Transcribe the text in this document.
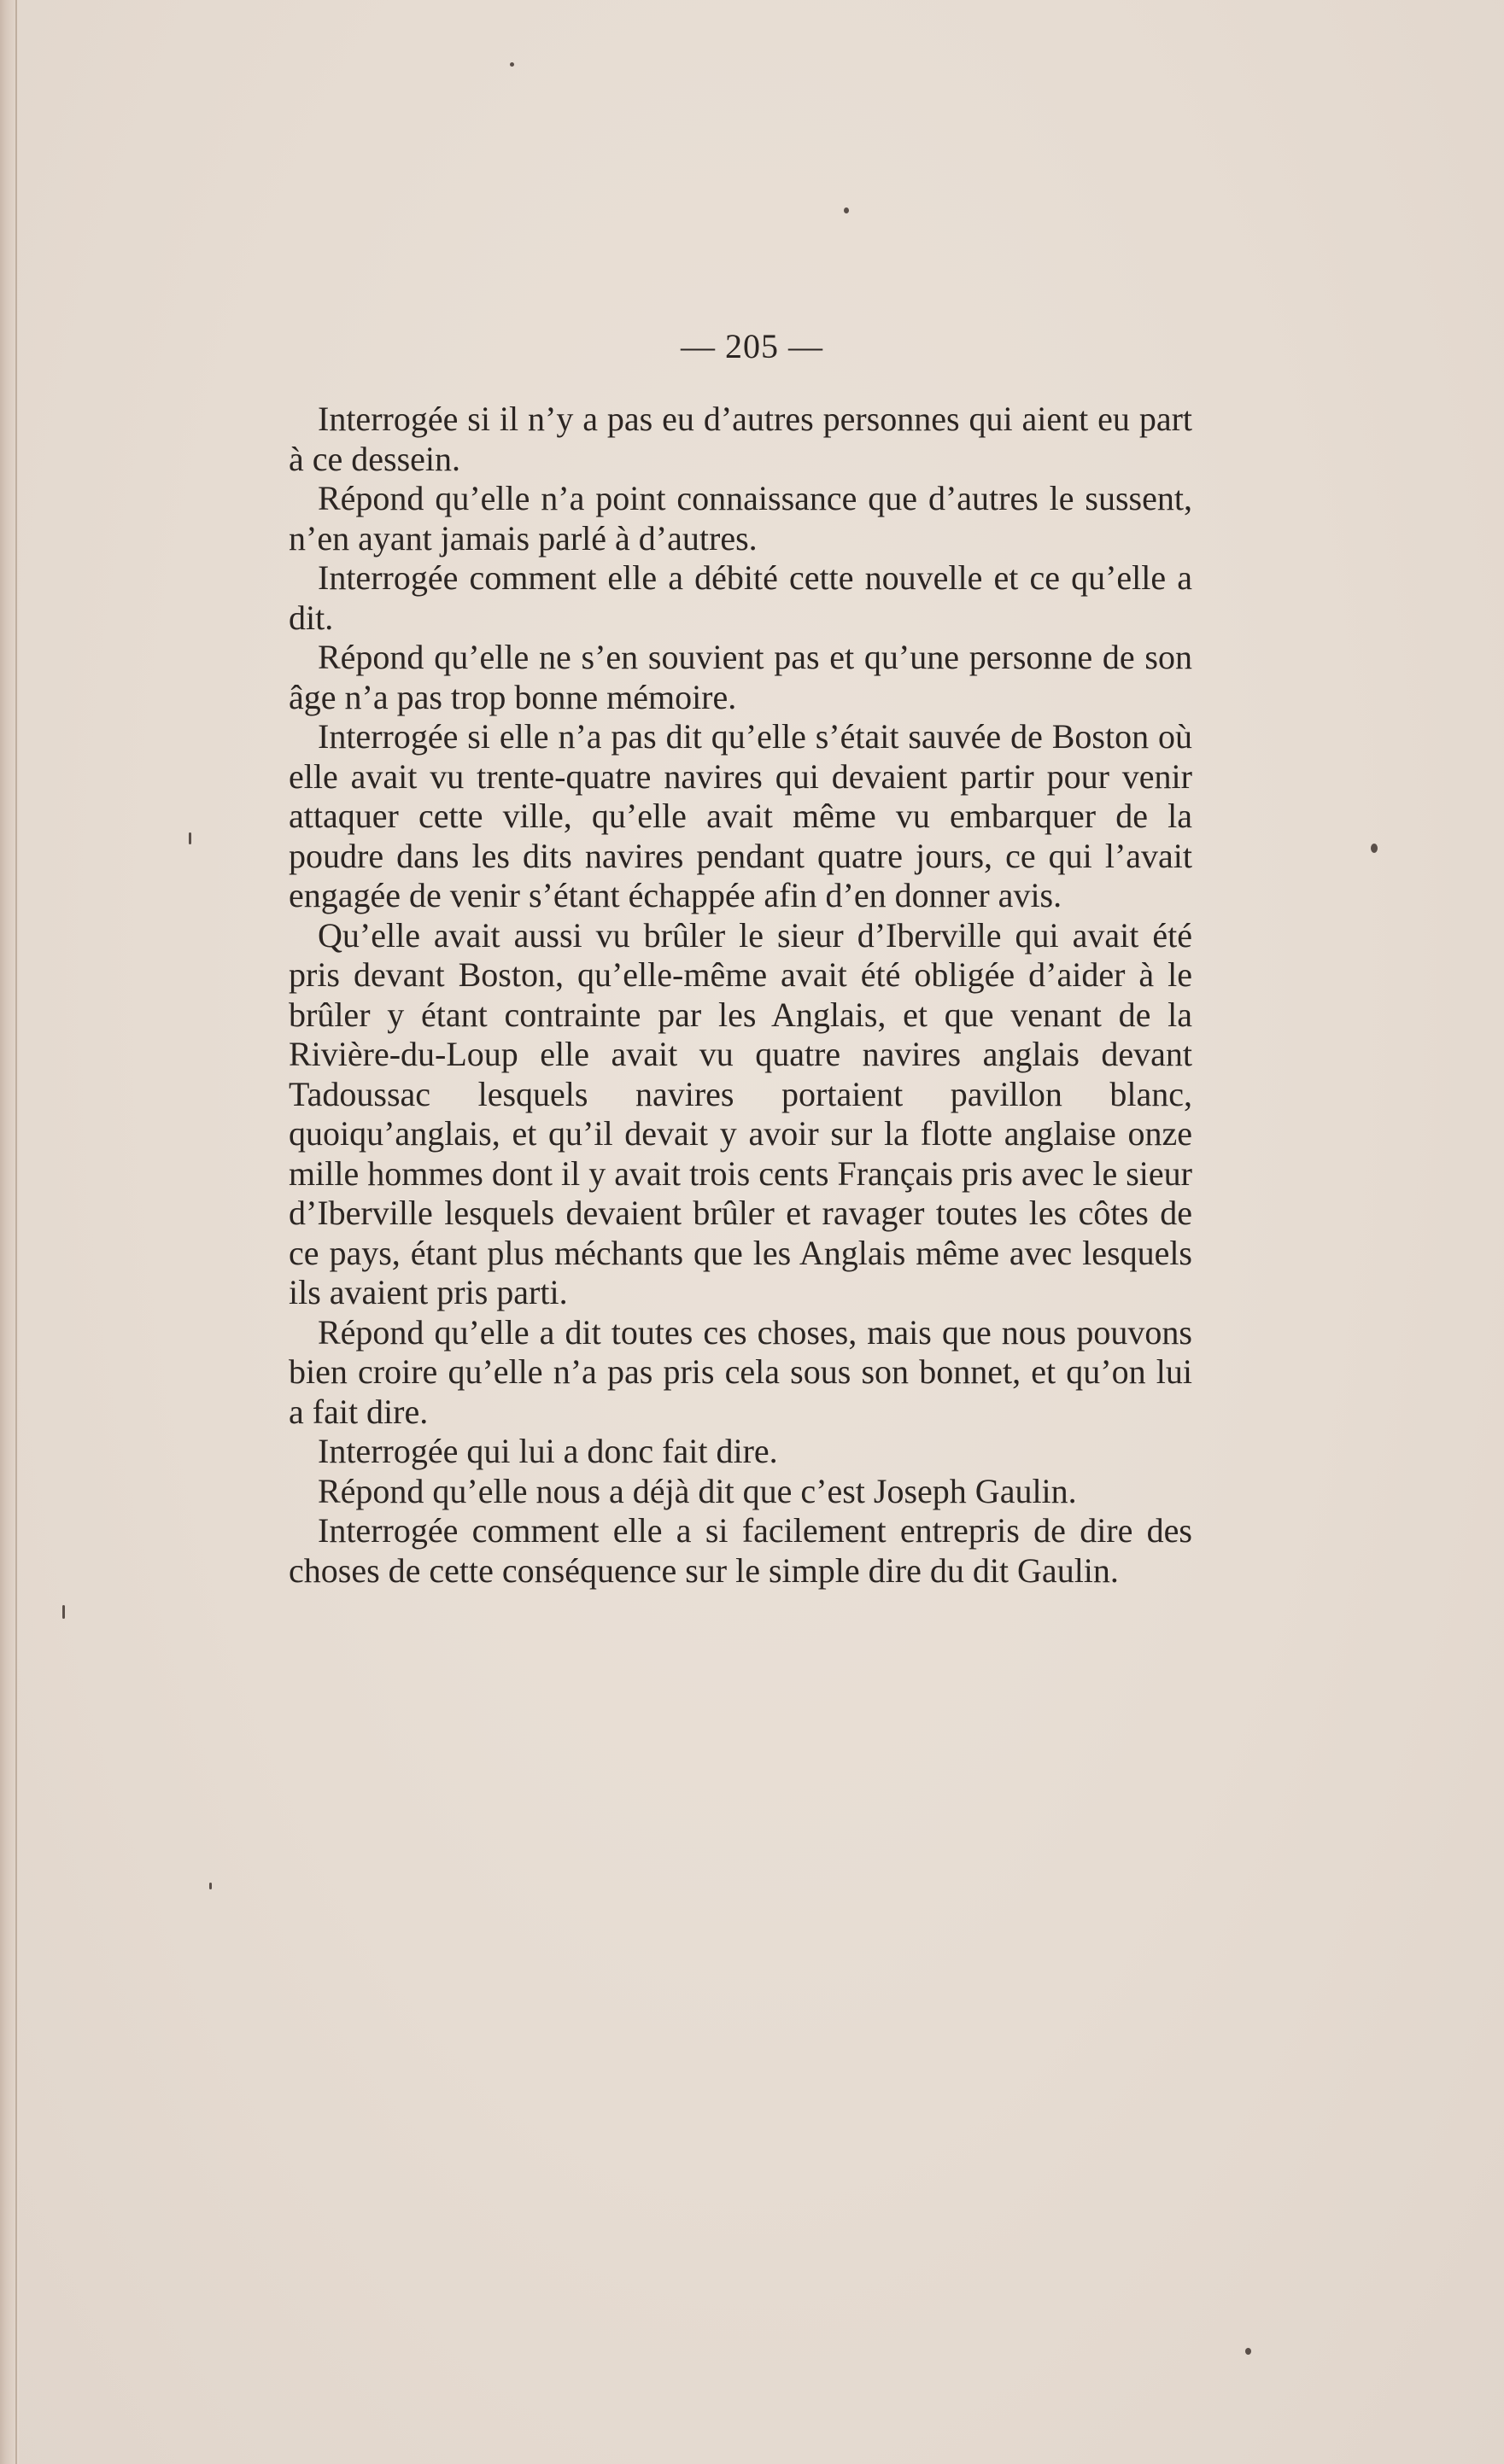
— 205 —

Interrogée si il n’y a pas eu d’autres personnes qui aient eu part à ce dessein.

Répond qu’elle n’a point connaissance que d’autres le sussent, n’en ayant jamais parlé à d’autres.

Interrogée comment elle a débité cette nouvelle et ce qu’elle a dit.

Répond qu’elle ne s’en souvient pas et qu’une personne de son âge n’a pas trop bonne mémoire.

Interrogée si elle n’a pas dit qu’elle s’était sauvée de Boston où elle avait vu trente-quatre navires qui devaient partir pour venir attaquer cette ville, qu’elle avait même vu embarquer de la poudre dans les dits navires pendant quatre jours, ce qui l’avait engagée de venir s’étant échappée afin d’en donner avis.

Qu’elle avait aussi vu brûler le sieur d’Iberville qui avait été pris devant Boston, qu’elle-même avait été obligée d’aider à le brûler y étant contrainte par les Anglais, et que venant de la Rivière-du-Loup elle avait vu quatre navires anglais devant Tadoussac lesquels navires portaient pavillon blanc, quoiqu’anglais, et qu’il devait y avoir sur la flotte anglaise onze mille hommes dont il y avait trois cents Français pris avec le sieur d’Iberville lesquels devaient brûler et ravager toutes les côtes de ce pays, étant plus méchants que les Anglais même avec lesquels ils avaient pris parti.

Répond qu’elle a dit toutes ces choses, mais que nous pouvons bien croire qu’elle n’a pas pris cela sous son bonnet, et qu’on lui a fait dire.

Interrogée qui lui a donc fait dire.

Répond qu’elle nous a déjà dit que c’est Joseph Gaulin.

Interrogée comment elle a si facilement entrepris de dire des choses de cette conséquence sur le simple dire du dit Gaulin.
